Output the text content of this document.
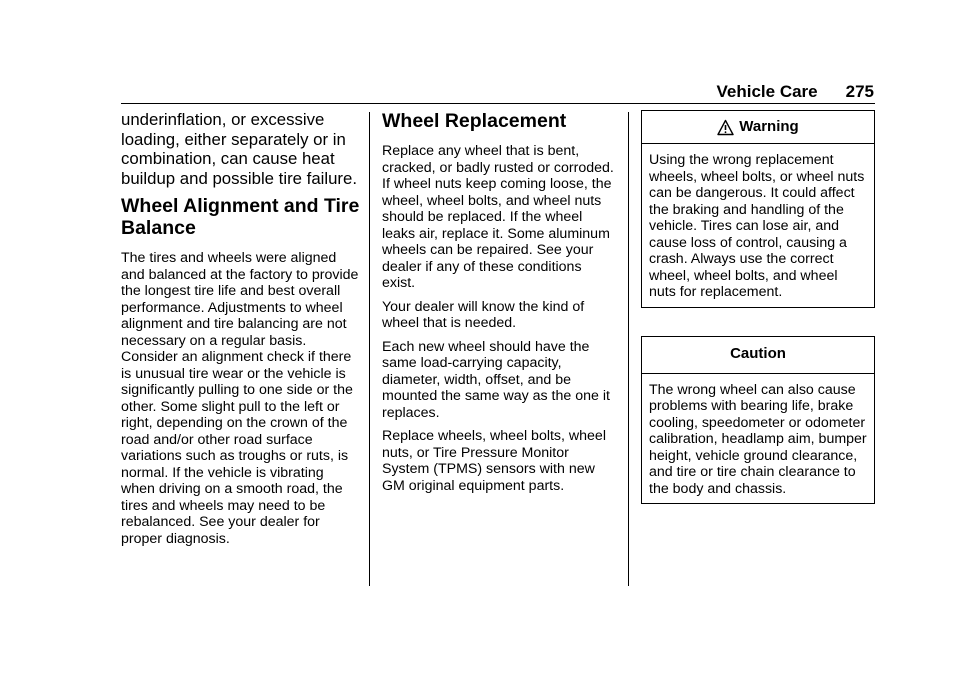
Vehicle Care 275

underinflation, or excessive loading, either separately or in combination, can cause heat buildup and possible tire failure.

Wheel Alignment and Tire Balance

The tires and wheels were aligned and balanced at the factory to provide the longest tire life and best overall performance. Adjustments to wheel alignment and tire balancing are not necessary on a regular basis. Consider an alignment check if there is unusual tire wear or the vehicle is significantly pulling to one side or the other. Some slight pull to the left or right, depending on the crown of the road and/or other road surface variations such as troughs or ruts, is normal. If the vehicle is vibrating when driving on a smooth road, the tires and wheels may need to be rebalanced. See your dealer for proper diagnosis.

Wheel Replacement

Replace any wheel that is bent, cracked, or badly rusted or corroded. If wheel nuts keep coming loose, the wheel, wheel bolts, and wheel nuts should be replaced. If the wheel leaks air, replace it. Some aluminum wheels can be repaired. See your dealer if any of these conditions exist.

Your dealer will know the kind of wheel that is needed.

Each new wheel should have the same load-carrying capacity, diameter, width, offset, and be mounted the same way as the one it replaces.

Replace wheels, wheel bolts, wheel nuts, or Tire Pressure Monitor System (TPMS) sensors with new GM original equipment parts.

Warning

Using the wrong replacement wheels, wheel bolts, or wheel nuts can be dangerous. It could affect the braking and handling of the vehicle. Tires can lose air, and cause loss of control, causing a crash. Always use the correct wheel, wheel bolts, and wheel nuts for replacement.

Caution

The wrong wheel can also cause problems with bearing life, brake cooling, speedometer or odometer calibration, headlamp aim, bumper height, vehicle ground clearance, and tire or tire chain clearance to the body and chassis.
